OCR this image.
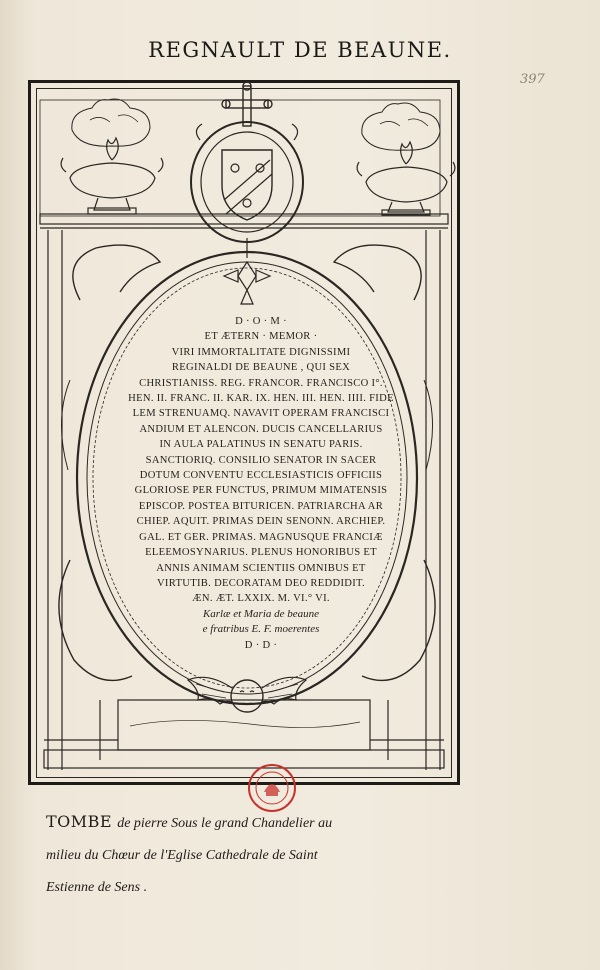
REGNAULT DE BEAUNE.
397
D · O · M ·
ET ÆTERN · MEMOR ·
VIRI IMMORTALITATE DIGNISSIMI
REGINALDI DE BEAUNE , QUI SEX
CHRISTIANISS. REG. FRANCOR. FRANCISCO I°.
HEN. II. FRANC. II. KAR. IX. HEN. III. HEN. IIII. FIDE
LEM STRENUAMQ. NAVAVIT OPERAM FRANCISCI
ANDIUM ET ALENCON. DUCIS CANCELLARIUS
IN AULA PALATINUS IN SENATU PARIS.
SANCTIORIQ. CONSILIO SENATOR IN SACER
DOTUM CONVENTU ECCLESIASTICIS OFFICIIS
GLORIOSE PER FUNCTUS, PRIMUM MIMATENSIS
EPISCOP. POSTEA BITURICEN. PATRIARCHA AR
CHIEP. AQUIT. PRIMAS DEIN SENONN. ARCHIEP.
GAL. ET GER. PRIMAS. MAGNUSQUE FRANCIÆ
ELEEMOSYNARIUS. PLENUS HONORIBUS ET
ANNIS ANIMAM SCIENTIIS OMNIBUS ET
VIRTUTIB. DECORATAM DEO REDDIDIT.
ÆN. ÆT. LXXIX. M. VI.° VI.
Karlæ et Maria de beaune
e fratribus E. F. moerentes
D · D ·
TOMBE de pierre Sous le grand Chandelier au
milieu du Chœur de l'Eglise Cathedrale de Saint
Estienne de Sens .
